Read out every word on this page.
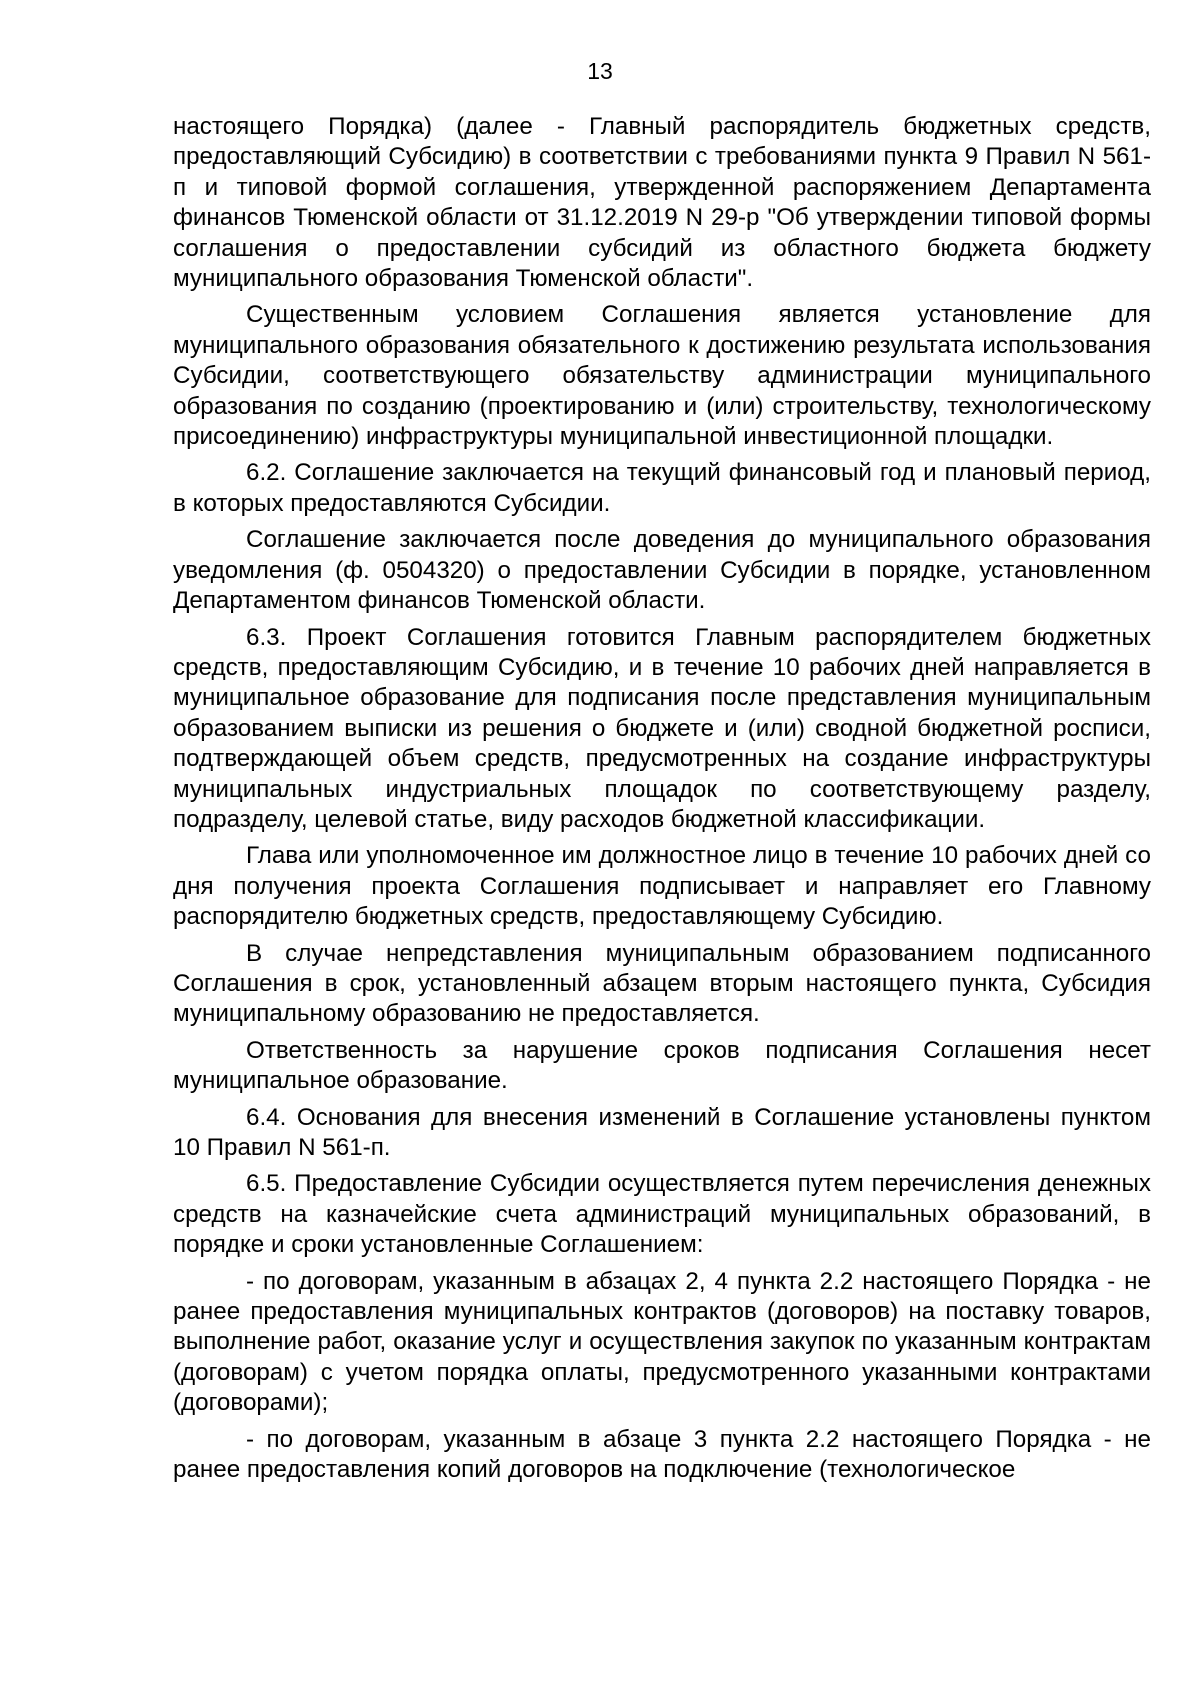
13

настоящего Порядка) (далее - Главный распорядитель бюджетных средств, предоставляющий Субсидию) в соответствии с требованиями пункта 9 Правил N 561-п и типовой формой соглашения, утвержденной распоряжением Департамента финансов Тюменской области от 31.12.2019 N 29-р "Об утверждении типовой формы соглашения о предоставлении субсидий из областного бюджета бюджету муниципального образования Тюменской области".

Существенным условием Соглашения является установление для муниципального образования обязательного к достижению результата использования Субсидии, соответствующего обязательству администрации муниципального образования по созданию (проектированию и (или) строительству, технологическому присоединению) инфраструктуры муниципальной инвестиционной площадки.

6.2. Соглашение заключается на текущий финансовый год и плановый период, в которых предоставляются Субсидии.

Соглашение заключается после доведения до муниципального образования уведомления (ф. 0504320) о предоставлении Субсидии в порядке, установленном Департаментом финансов Тюменской области.

6.3. Проект Соглашения готовится Главным распорядителем бюджетных средств, предоставляющим Субсидию, и в течение 10 рабочих дней направляется в муниципальное образование для подписания после представления муниципальным образованием выписки из решения о бюджете и (или) сводной бюджетной росписи, подтверждающей объем средств, предусмотренных на создание инфраструктуры муниципальных индустриальных площадок по соответствующему разделу, подразделу, целевой статье, виду расходов бюджетной классификации.

Глава или уполномоченное им должностное лицо в течение 10 рабочих дней со дня получения проекта Соглашения подписывает и направляет его Главному распорядителю бюджетных средств, предоставляющему Субсидию.

В случае непредставления муниципальным образованием подписанного Соглашения в срок, установленный абзацем вторым настоящего пункта, Субсидия муниципальному образованию не предоставляется.

Ответственность за нарушение сроков подписания Соглашения несет муниципальное образование.

6.4. Основания для внесения изменений в Соглашение установлены пунктом 10 Правил N 561-п.

6.5. Предоставление Субсидии осуществляется путем перечисления денежных средств на казначейские счета администраций муниципальных образований, в порядке и сроки установленные Соглашением:

- по договорам, указанным в абзацах 2, 4 пункта 2.2 настоящего Порядка - не ранее предоставления муниципальных контрактов (договоров) на поставку товаров, выполнение работ, оказание услуг и осуществления закупок по указанным контрактам (договорам) с учетом порядка оплаты, предусмотренного указанными контрактами (договорами);

- по договорам, указанным в абзаце 3 пункта 2.2 настоящего Порядка - не ранее предоставления копий договоров на подключение (технологическое
